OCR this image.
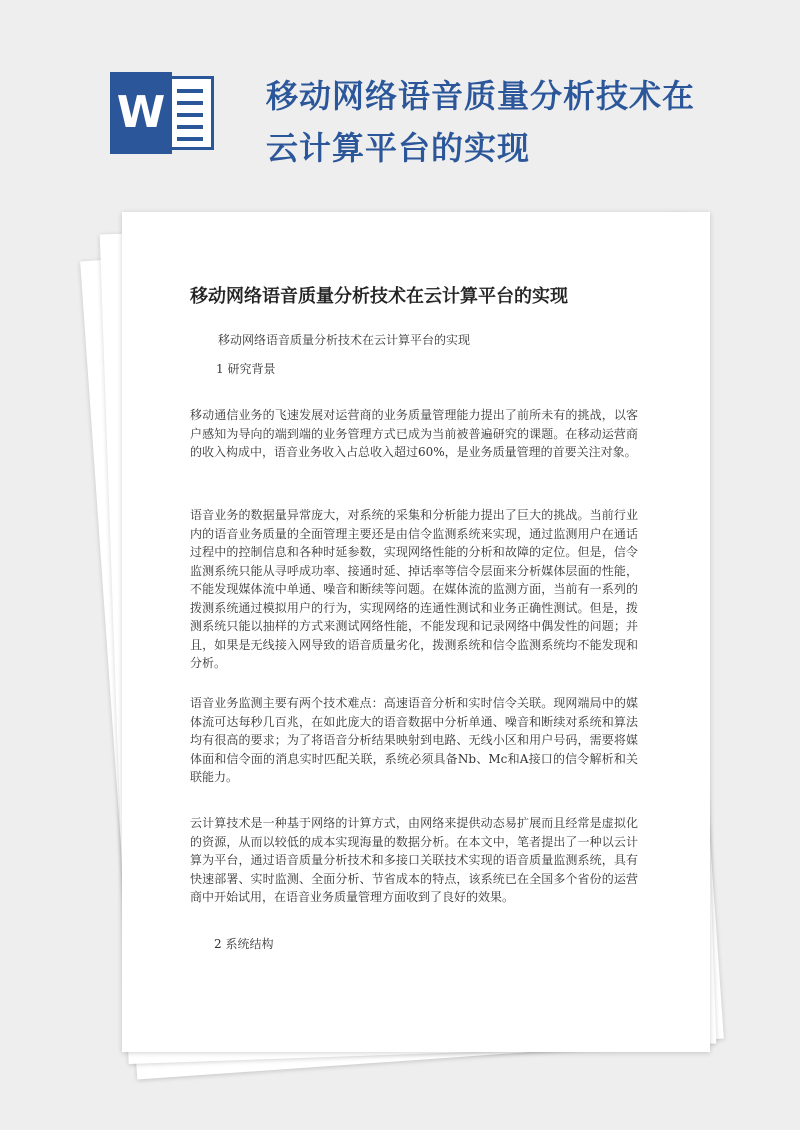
W	移动网络语音质量分析技术在云计算平台的实现
移动网络语音质量分析技术在云计算平台的实现

移动网络语音质量分析技术在云计算平台的实现

1 研究背景

移动通信业务的飞速发展对运营商的业务质量管理能力提出了前所未有的挑战，以客户感知为导向的端到端的业务管理方式已成为当前被普遍研究的课题。在移动运营商的收入构成中，语音业务收入占总收入超过60%，是业务质量管理的首要关注对象。

语音业务的数据量异常庞大，对系统的采集和分析能力提出了巨大的挑战。当前行业内的语音业务质量的全面管理主要还是由信令监测系统来实现，通过监测用户在通话过程中的控制信息和各种时延参数，实现网络性能的分析和故障的定位。但是，信令监测系统只能从寻呼成功率、接通时延、掉话率等信令层面来分析媒体层面的性能，不能发现媒体流中单通、噪音和断续等问题。在媒体流的监测方面，当前有一系列的拨测系统通过模拟用户的行为，实现网络的连通性测试和业务正确性测试。但是，拨测系统只能以抽样的方式来测试网络性能，不能发现和记录网络中偶发性的问题；并且，如果是无线接入网导致的语音质量劣化，拨测系统和信令监测系统均不能发现和分析。

语音业务监测主要有两个技术难点：高速语音分析和实时信令关联。现网端局中的媒体流可达每秒几百兆，在如此庞大的语音数据中分析单通、噪音和断续对系统和算法均有很高的要求；为了将语音分析结果映射到电路、无线小区和用户号码，需要将媒体面和信令面的消息实时匹配关联，系统必须具备Nb、Mc和A接口的信令解析和关联能力。

云计算技术是一种基于网络的计算方式，由网络来提供动态易扩展而且经常是虚拟化的资源，从而以较低的成本实现海量的数据分析。在本文中，笔者提出了一种以云计算为平台，通过语音质量分析技术和多接口关联技术实现的语音质量监测系统，具有快速部署、实时监测、全面分析、节省成本的特点，该系统已在全国多个省份的运营商中开始试用，在语音业务质量管理方面收到了良好的效果。

2 系统结构
